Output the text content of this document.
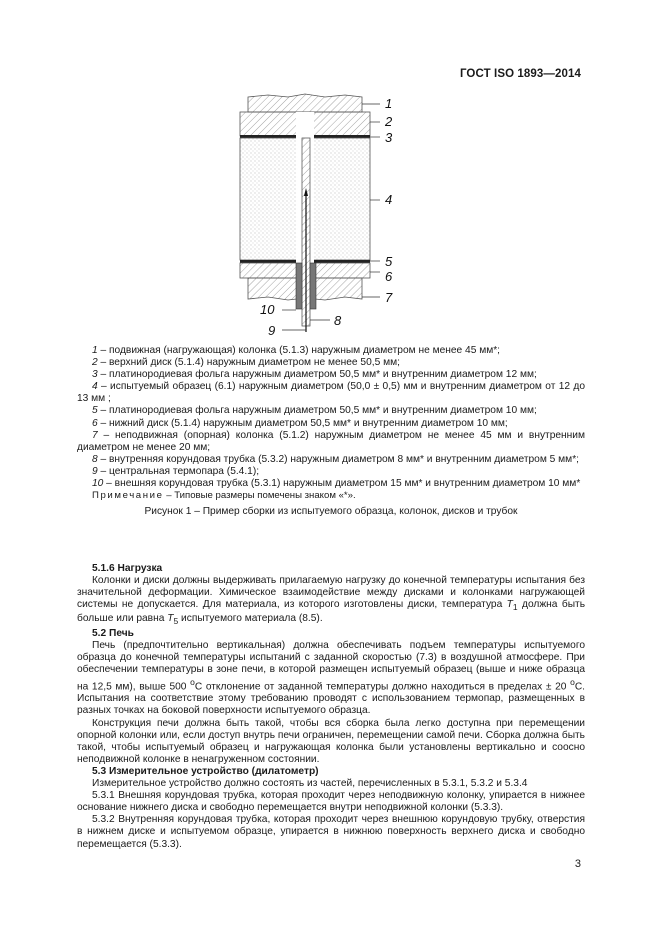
ГОСТ ISO 1893—2014
1
2
3
4
5
6
7
8
9
10

1 – подвижная (нагружающая) колонка (5.1.3) наружным диаметром не менее 45 мм*;

2 – верхний диск (5.1.4) наружным диаметром не менее 50,5 мм;

3 – платинородиевая фольга наружным диаметром 50,5 мм* и внутренним диаметром 12 мм;

4 – испытуемый образец (6.1) наружным диаметром (50,0 ± 0,5) мм и внутренним диаметром от 12 до 13 мм ;

5 – платинородиевая фольга наружным диаметром 50,5 мм* и внутренним диаметром 10 мм;

6 – нижний диск (5.1.4) наружным диаметром 50,5 мм* и внутренним диаметром 10 мм;

7 – неподвижная (опорная) колонка (5.1.2) наружным диаметром не менее 45 мм и внутренним диаметром не менее 20 мм;

8 – внутренняя корундовая трубка (5.3.2) наружным диаметром 8 мм* и внутренним диаметром 5 мм*;

9 – центральная термопара (5.4.1);

10 – внешняя корундовая трубка (5.3.1) наружным диаметром 15 мм* и внутренним диаметром 10 мм*

Примечание – Типовые размеры помечены знаком «*».

Рисунок 1 – Пример сборки из испытуемого образца, колонок, дисков и трубок

5.1.6 Нагрузка

Колонки и диски должны выдерживать прилагаемую нагрузку до конечной температуры испытания без значительной деформации. Химическое взаимодействие между дисками и колонками нагружающей системы не допускается. Для материала, из которого изготовлены диски, температура $T_1$ должна быть больше или равна $T_5$ испытуемого материала (8.5).

5.2 Печь

Печь (предпочтительно вертикальная) должна обеспечивать подъем температуры испытуемого образца до конечной температуры испытаний с заданной скоростью (7.3) в воздушной атмосфере. При обеспечении температуры в зоне печи, в которой размещен испытуемый образец (выше и ниже образца на 12,5 мм), выше 500 $^о$С отклонение от заданной температуры должно находиться в пределах ± 20 $^о$С. Испытания на соответствие этому требованию проводят с использованием термопар, размещенных в разных точках на боковой поверхности испытуемого образца.

Конструкция печи должна быть такой, чтобы вся сборка была легко доступна при перемещении опорной колонки или, если доступ внутрь печи ограничен, перемещении самой печи. Сборка должна быть такой, чтобы испытуемый образец и нагружающая колонка были установлены вертикально и соосно неподвижной колонке в ненагруженном состоянии.

5.3 Измерительное устройство (дилатометр)

Измерительное устройство должно состоять из частей, перечисленных в 5.3.1, 5.3.2 и 5.3.4

5.3.1 Внешняя корундовая трубка, которая проходит через неподвижную колонку, упирается в нижнее основание нижнего диска и свободно перемещается внутри неподвижной колонки (5.3.3).

5.3.2 Внутренняя корундовая трубка, которая проходит через внешнюю корундовую трубку, отверстия в нижнем диске и испытуемом образце, упирается в нижнюю поверхность верхнего диска и свободно перемещается (5.3.3).

3
